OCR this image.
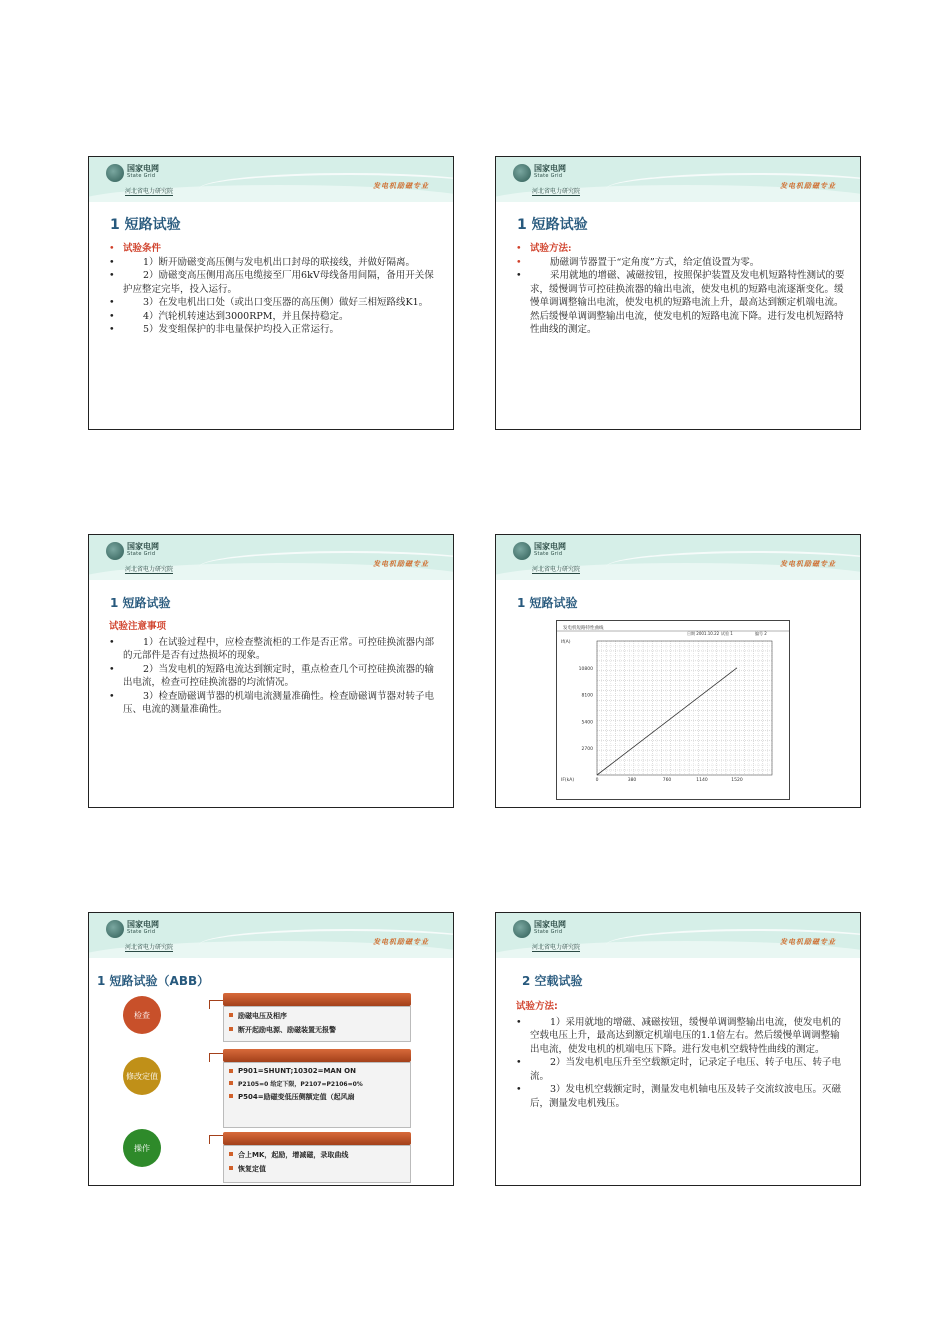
国家电网
State Grid
河北省电力研究院
发电机励磁专业
1 短路试验
• 试验条件
•	1）断开励磁变高压侧与发电机出口封母的联接线，并做好隔离。
•	2）励磁变高压侧用高压电缆接至厂用6kV母线备用间隔，备用开关保护应整定完毕，投入运行。
•	3）在发电机出口处（或出口变压器的高压侧）做好三相短路线K1。
•	4）汽轮机转速达到3000RPM，并且保持稳定。
•	5）发变组保护的非电量保护均投入正常运行。
国家电网
State Grid
河北省电力研究院
发电机励磁专业
1 短路试验
• 试验方法:
•	励磁调节器置于“定角度”方式，给定值设置为零。
•	采用就地的增磁、减磁按钮，按照保护装置及发电机短路特性测试的要求，缓慢调节可控硅换流器的输出电流，使发电机的短路电流逐渐变化。缓慢单调调整输出电流，使发电机的短路电流上升，最高达到额定机端电流。然后缓慢单调调整输出电流，使发电机的短路电流下降。进行发电机短路特性曲线的测定。
国家电网
State Grid
河北省电力研究院
发电机励磁专业
1 短路试验
试验注意事项
•	1）在试验过程中，应检查整流柜的工作是否正常。可控硅换流器内部的元部件是否有过热损坏的现象。
•	2）当发电机的短路电流达到额定时，重点检查几个可控硅换流器的输出电流，检查可控硅换流器的均流情况。
•	3）检查励磁调节器的机端电流测量准确性。检查励磁调节器对转子电压、电流的测量准确性。
国家电网
State Grid
河北省电力研究院
发电机励磁专业
1 短路试验
发电机短路特性曲线
日期 2001.10.22 试验 1	编号 2
If(A)
2700
5400
8100
10800
0	380	760	1140	1520
IF(kA)
国家电网
State Grid
河北省电力研究院
发电机励磁专业
1 短路试验（ABB）
检查	励磁电压及相序
断开起励电源、励磁装置无报警
修改定值
P901=SHUNT;10302=MAN ON
P2105=0 给定下限，P2107=P2106=0%
P504=励磁变低压侧额定值（起风扇
操作
合上MK，起励，增减磁，录取曲线
恢复定值
国家电网
State Grid
河北省电力研究院
发电机励磁专业
2 空载试验
试验方法:
•	1）采用就地的增磁、减磁按钮，缓慢单调调整输出电流，使发电机的空载电压上升，最高达到额定机端电压的1.1倍左右。然后缓慢单调调整输出电流，使发电机的机端电压下降。进行发电机空载特性曲线的测定。
•	2）当发电机电压升至空载额定时，记录定子电压、转子电压、转子电流。
•	3）发电机空载额定时，测量发电机轴电压及转子交流纹波电压。灭磁后，测量发电机残压。
